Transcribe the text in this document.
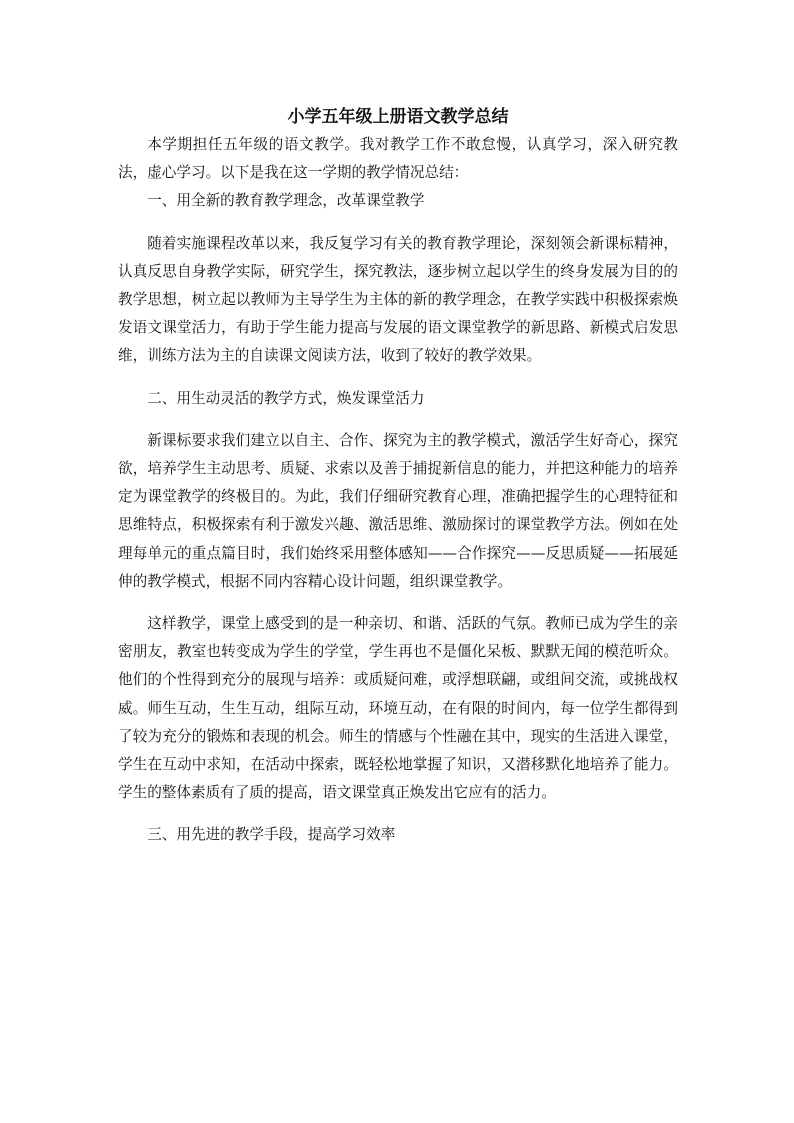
小学五年级上册语文教学总结

本学期担任五年级的语文教学。我对教学工作不敢怠慢，认真学习，深入研究教法，虚心学习。以下是我在这一学期的教学情况总结：

一、用全新的教育教学理念，改革课堂教学

随着实施课程改革以来，我反复学习有关的教育教学理论，深刻领会新课标精神，认真反思自身教学实际，研究学生，探究教法，逐步树立起以学生的终身发展为目的的教学思想，树立起以教师为主导学生为主体的新的教学理念，在教学实践中积极探索焕发语文课堂活力，有助于学生能力提高与发展的语文课堂教学的新思路、新模式启发思维，训练方法为主的自读课文阅读方法，收到了较好的教学效果。

二、用生动灵活的教学方式，焕发课堂活力

新课标要求我们建立以自主、合作、探究为主的教学模式，激活学生好奇心，探究欲，培养学生主动思考、质疑、求索以及善于捕捉新信息的能力，并把这种能力的培养定为课堂教学的终极目的。为此，我们仔细研究教育心理，准确把握学生的心理特征和思维特点，积极探索有利于激发兴趣、激活思维、激励探讨的课堂教学方法。例如在处理每单元的重点篇目时，我们始终采用整体感知——合作探究——反思质疑——拓展延伸的教学模式，根据不同内容精心设计问题，组织课堂教学。

这样教学，课堂上感受到的是一种亲切、和谐、活跃的气氛。教师已成为学生的亲密朋友，教室也转变成为学生的学堂，学生再也不是僵化呆板、默默无闻的模范听众。他们的个性得到充分的展现与培养：或质疑问难，或浮想联翩，或组间交流，或挑战权威。师生互动，生生互动，组际互动，环境互动，在有限的时间内，每一位学生都得到了较为充分的锻炼和表现的机会。师生的情感与个性融在其中，现实的生活进入课堂，学生在互动中求知，在活动中探索，既轻松地掌握了知识，又潜移默化地培养了能力。学生的整体素质有了质的提高，语文课堂真正焕发出它应有的活力。

三、用先进的教学手段，提高学习效率
